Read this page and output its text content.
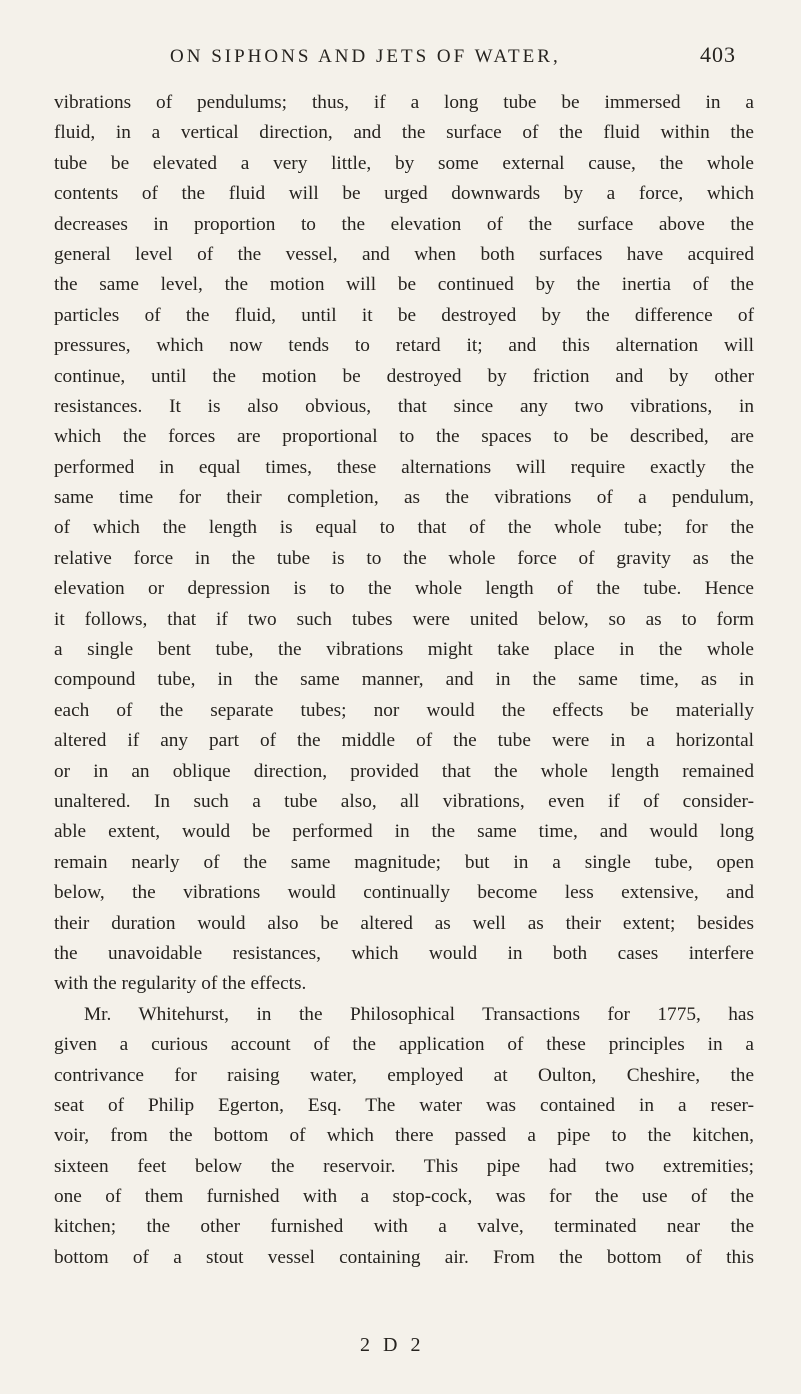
ON SIPHONS AND JETS OF WATER,	403
vibrations of pendulums; thus, if a long tube be immersed in a
fluid, in a vertical direction, and the surface of the fluid within the
tube be elevated a very little, by some external cause, the whole
contents of the fluid will be urged downwards by a force, which
decreases in proportion to the elevation of the surface above the
general level of the vessel, and when both surfaces have acquired
the same level, the motion will be continued by the inertia of the
particles of the fluid, until it be destroyed by the difference of
pressures, which now tends to retard it; and this alternation will
continue, until the motion be destroyed by friction and by other
resistances. It is also obvious, that since any two vibrations, in
which the forces are proportional to the spaces to be described, are
performed in equal times, these alternations will require exactly the
same time for their completion, as the vibrations of a pendulum,
of which the length is equal to that of the whole tube; for the
relative force in the tube is to the whole force of gravity as the
elevation or depression is to the whole length of the tube. Hence
it follows, that if two such tubes were united below, so as to form
a single bent tube, the vibrations might take place in the whole
compound tube, in the same manner, and in the same time, as in
each of the separate tubes; nor would the effects be materially
altered if any part of the middle of the tube were in a horizontal
or in an oblique direction, provided that the whole length remained
unaltered. In such a tube also, all vibrations, even if of consider-
able extent, would be performed in the same time, and would long
remain nearly of the same magnitude; but in a single tube, open
below, the vibrations would continually become less extensive, and
their duration would also be altered as well as their extent; besides
the unavoidable resistances, which would in both cases interfere
with the regularity of the effects.
Mr. Whitehurst, in the Philosophical Transactions for 1775, has
given a curious account of the application of these principles in a
contrivance for raising water, employed at Oulton, Cheshire, the
seat of Philip Egerton, Esq. The water was contained in a reser-
voir, from the bottom of which there passed a pipe to the kitchen,
sixteen feet below the reservoir. This pipe had two extremities;
one of them furnished with a stop-cock, was for the use of the
kitchen; the other furnished with a valve, terminated near the
bottom of a stout vessel containing air. From the bottom of this
2 D 2
